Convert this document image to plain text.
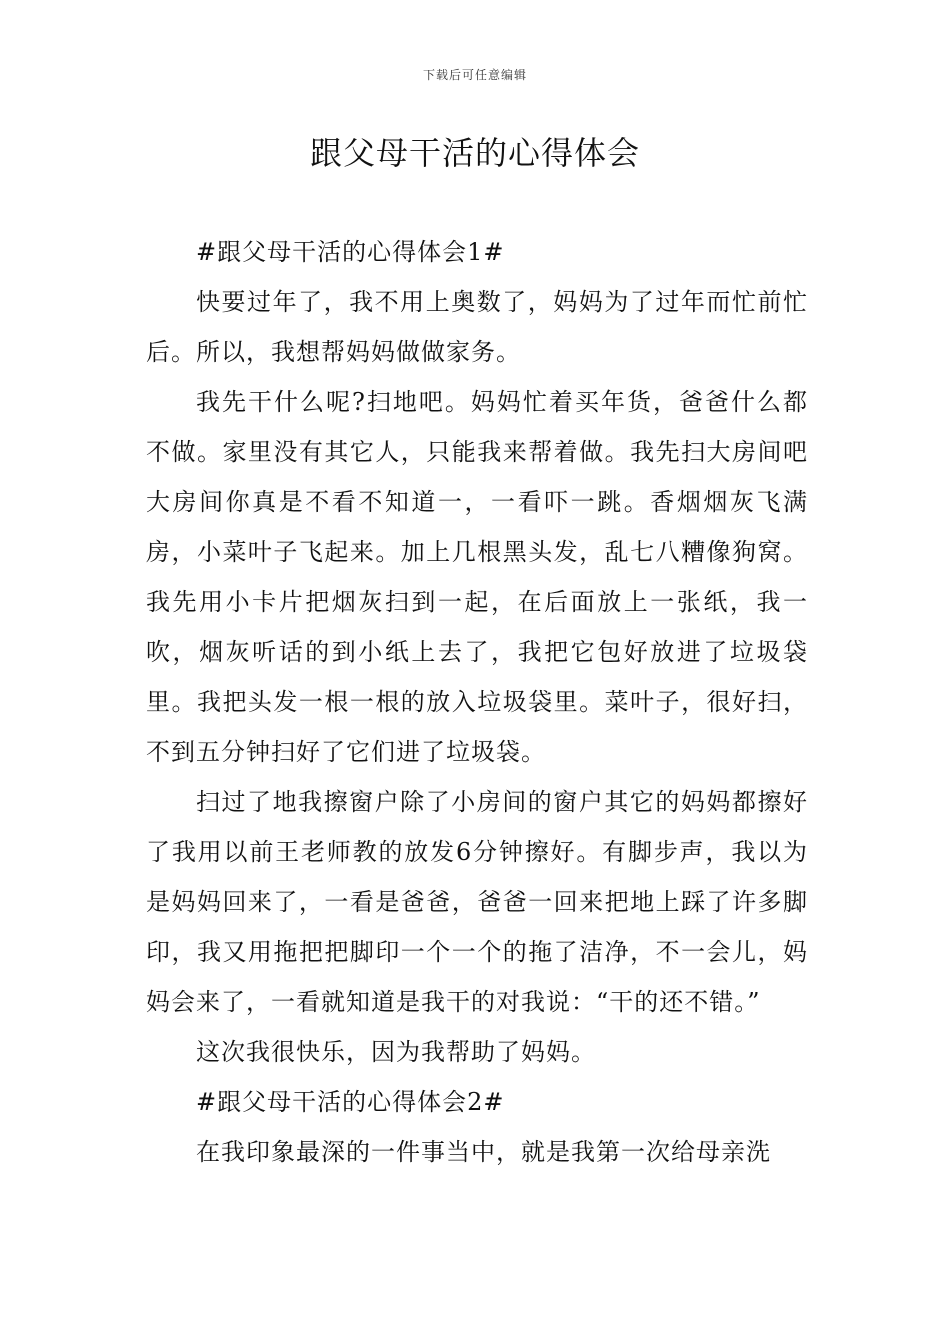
下载后可任意编辑
跟父母干活的心得体会

#跟父母干活的心得体会1#

快要过年了，我不用上奥数了，妈妈为了过年而忙前忙后。所以，我想帮妈妈做做家务。

我先干什么呢?扫地吧。妈妈忙着买年货，爸爸什么都不做。家里没有其它人，只能我来帮着做。我先扫大房间吧大房间你真是不看不知道一，一看吓一跳。香烟烟灰飞满房，小菜叶子飞起来。加上几根黑头发，乱七八糟像狗窝。我先用小卡片把烟灰扫到一起，在后面放上一张纸，我一吹，烟灰听话的到小纸上去了，我把它包好放进了垃圾袋里。我把头发一根一根的放入垃圾袋里。菜叶子，很好扫，不到五分钟扫好了它们进了垃圾袋。

扫过了地我擦窗户除了小房间的窗户其它的妈妈都擦好了我用以前王老师教的放发6分钟擦好。有脚步声，我以为是妈妈回来了，一看是爸爸，爸爸一回来把地上踩了许多脚印，我又用拖把把脚印一个一个的拖了洁净，不一会儿，妈妈会来了，一看就知道是我干的对我说：“干的还不错。”

这次我很快乐，因为我帮助了妈妈。

#跟父母干活的心得体会2#

在我印象最深的一件事当中，就是我第一次给母亲洗
